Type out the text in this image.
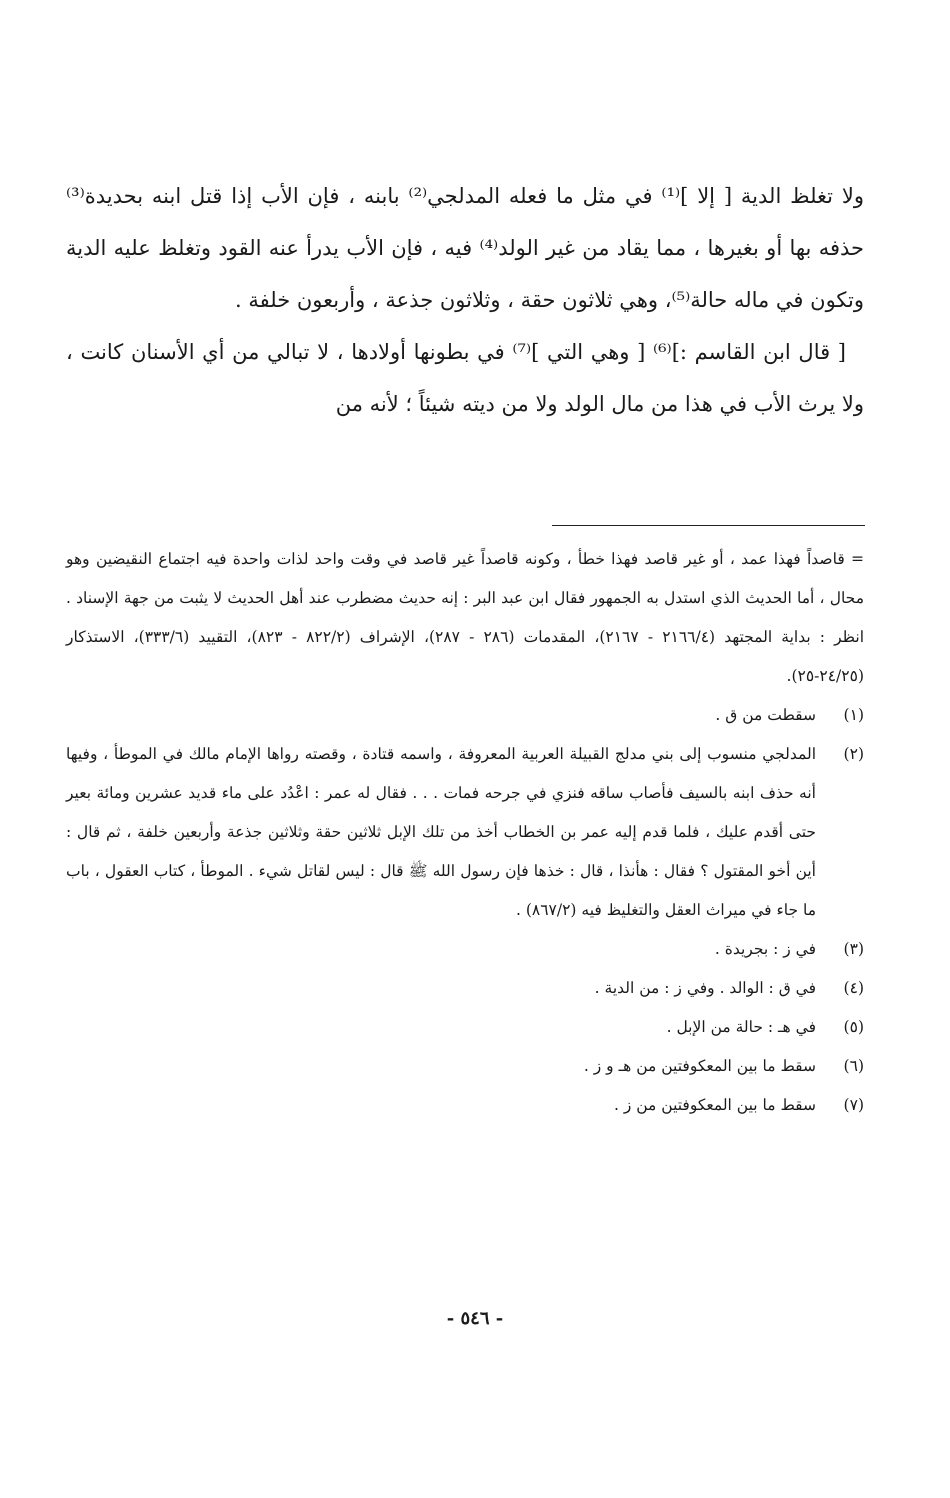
ولا تغلظ الدية [ إلا ]⁽¹⁾ في مثل ما فعله المدلجي⁽²⁾ بابنه ، فإن الأب إذا قتل ابنه بحديدة⁽³⁾ حذفه بها أو بغيرها ، مما يقاد من غير الولد⁽⁴⁾ فيه ، فإن الأب يدرأ عنه القود وتغلظ عليه الدية وتكون في ماله حالة⁽⁵⁾، وهي ثلاثون حقة ، وثلاثون جذعة ، وأربعون خلفة .

[ قال ابن القاسم :]⁽⁶⁾ [ وهي التي ]⁽⁷⁾ في بطونها أولادها ، لا تبالي من أي الأسنان كانت ، ولا يرث الأب في هذا من مال الولد ولا من ديته شيئاً ؛ لأنه من

= قاصداً فهذا عمد ، أو غير قاصد فهذا خطأ ، وكونه قاصداً غير قاصد في وقت واحد لذات واحدة فيه اجتماع النقيضين وهو محال ، أما الحديث الذي استدل به الجمهور فقال ابن عبد البر : إنه حديث مضطرب عند أهل الحديث لا يثبت من جهة الإسناد . انظر : بداية المجتهد (٢١٦٦/٤ - ٢١٦٧)، المقدمات (٢٨٦ - ٢٨٧)، الإشراف (٨٢٢/٢ - ٨٢٣)، التقييد (٣٣٣/٦)، الاستذكار (٢٤/٢٥-٢٥).

(١)
سقطت من ق .
(٢)
المدلجي منسوب إلى بني مدلج القبيلة العربية المعروفة ، واسمه قتادة ، وقصته رواها الإمام مالك في الموطأ ، وفيها أنه حذف ابنه بالسيف فأصاب ساقه فنزي في جرحه فمات . . . فقال له عمر : اعْدُد على ماء قديد عشرين ومائة بعير حتى أقدم عليك ، فلما قدم إليه عمر بن الخطاب أخذ من تلك الإبل ثلاثين حقة وثلاثين جذعة وأربعين خلفة ، ثم قال : أين أخو المقتول ؟ فقال : هأنذا ، قال : خذها فإن رسول الله ﷺ قال : ليس لقاتل شيء . الموطأ ، كتاب العقول ، باب ما جاء في ميراث العقل والتغليظ فيه (٨٦٧/٢) .
(٣)
في ز : بجريدة .
(٤)
في ق : الوالد . وفي ز : من الدية .
(٥)
في هـ : حالة من الإبل .
(٦)
سقط ما بين المعكوفتين من هـ و ز .
(٧)
سقط ما بين المعكوفتين من ز .
- ٥٤٦ -
